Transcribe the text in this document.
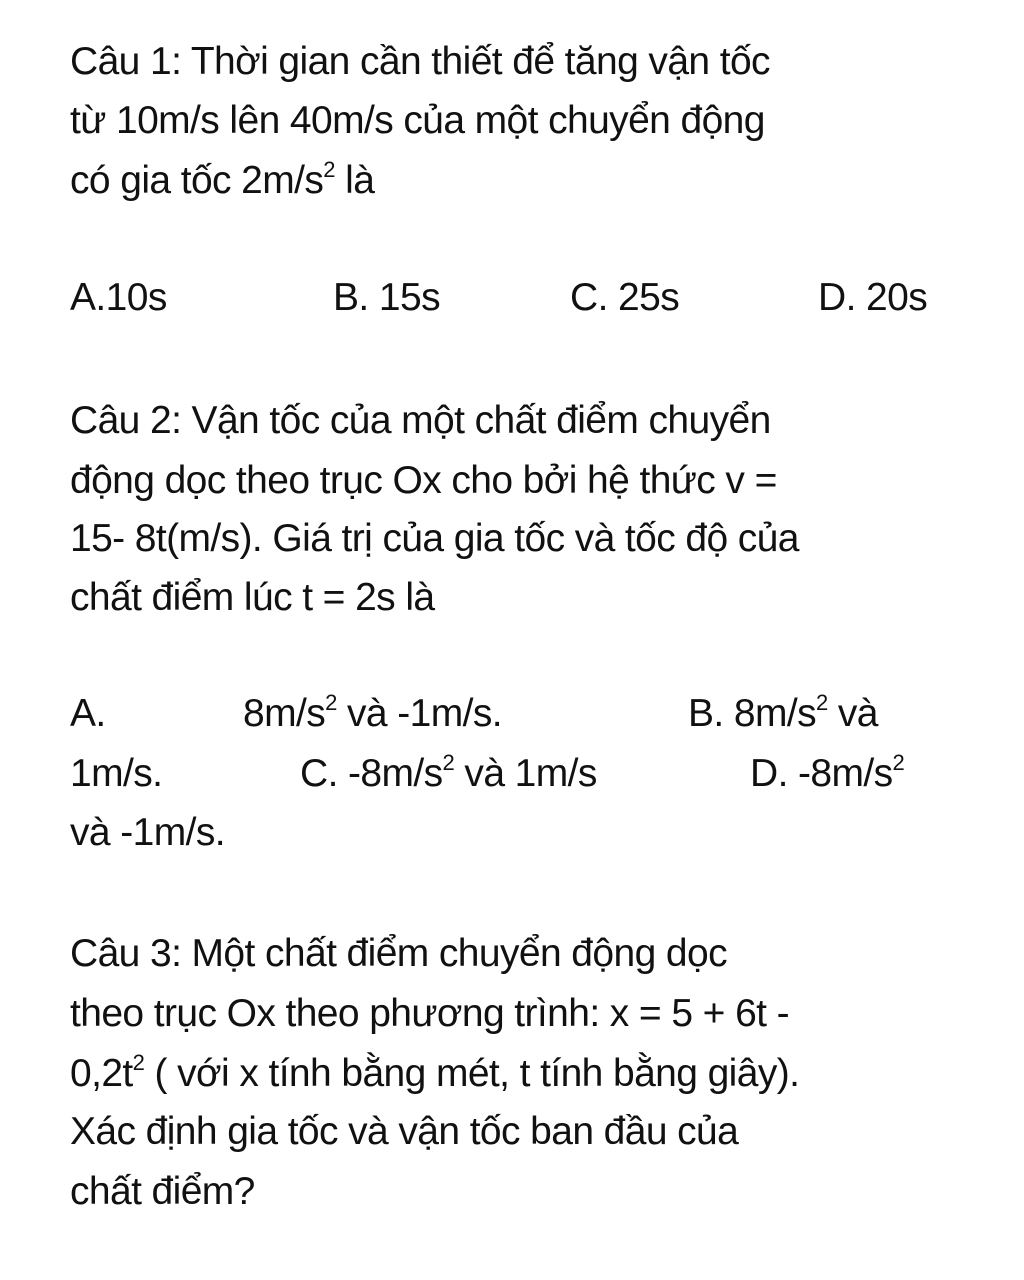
Câu 1: Thời gian cần thiết để tăng vận tốc
từ 10m/s lên 40m/s của một chuyển động
có gia tốc $2m/s^2$ là
A.10s	B. 15s	C. 25s	D. 20s
Câu 2: Vận tốc của một chất điểm chuyển
động dọc theo trục Ox cho bởi hệ thức v =
15- 8t(m/s). Giá trị của gia tốc và tốc độ của
chất điểm lúc t = 2s là
A.	$8m/s^2$ và -1m/s.	B. $8m/s^2$ và
1m/s.	C. $-8m/s^2$ và 1m/s	D. $-8m/s^2$
và -1m/s.
Câu 3: Một chất điểm chuyển động dọc
theo trục Ox theo phương trình: x = 5 + 6t -
$0,2t^2$ ( với x tính bằng mét, t tính bằng giây).
Xác định gia tốc và vận tốc ban đầu của
chất điểm?
